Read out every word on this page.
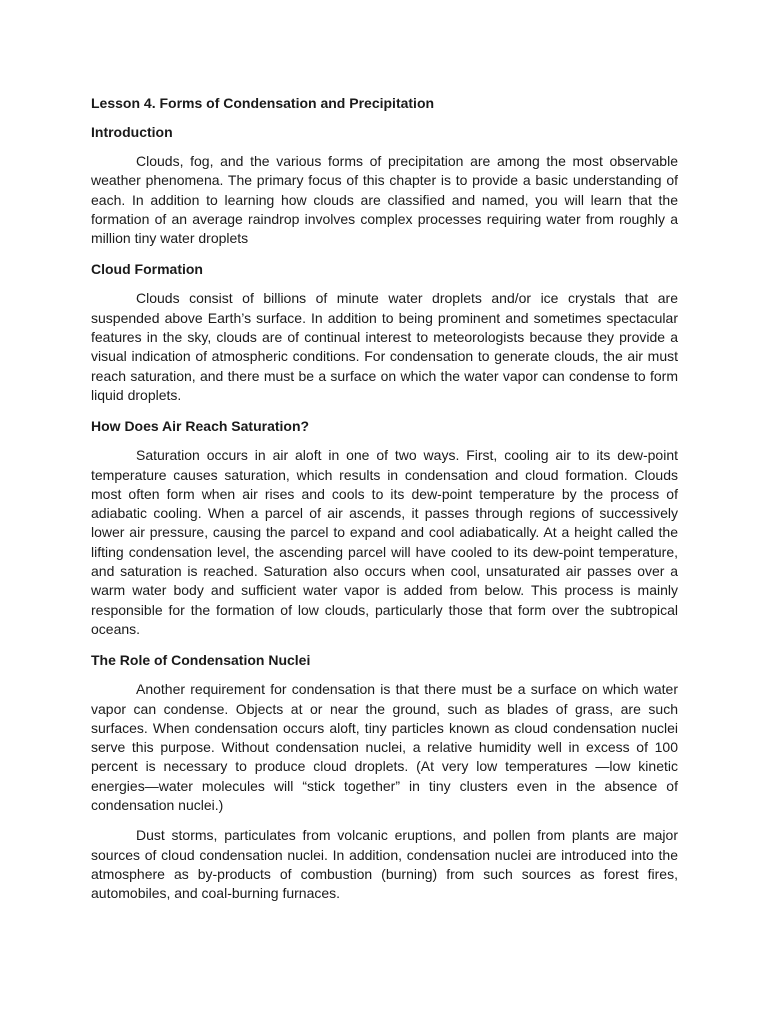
Lesson 4. Forms of Condensation and Precipitation
Introduction

Clouds, fog, and the various forms of precipitation are among the most observable weather phenomena. The primary focus of this chapter is to provide a basic understanding of each. In addition to learning how clouds are classified and named, you will learn that the formation of an average raindrop involves complex processes requiring water from roughly a million tiny water droplets

Cloud Formation

Clouds consist of billions of minute water droplets and/or ice crystals that are suspended above Earth’s surface. In addition to being prominent and sometimes spectacular features in the sky, clouds are of continual interest to meteorologists because they provide a visual indication of atmospheric conditions. For condensation to generate clouds, the air must reach saturation, and there must be a surface on which the water vapor can condense to form liquid droplets.

How Does Air Reach Saturation?

Saturation occurs in air aloft in one of two ways. First, cooling air to its dew-point temperature causes saturation, which results in condensation and cloud formation. Clouds most often form when air rises and cools to its dew-point temperature by the process of adiabatic cooling. When a parcel of air ascends, it passes through regions of successively lower air pressure, causing the parcel to expand and cool adiabatically. At a height called the lifting condensation level, the ascending parcel will have cooled to its dew-point temperature, and saturation is reached. Saturation also occurs when cool, unsaturated air passes over a warm water body and sufficient water vapor is added from below. This process is mainly responsible for the formation of low clouds, particularly those that form over the subtropical oceans.

The Role of Condensation Nuclei

Another requirement for condensation is that there must be a surface on which water vapor can condense. Objects at or near the ground, such as blades of grass, are such surfaces. When condensation occurs aloft, tiny particles known as cloud condensation nuclei serve this purpose. Without condensation nuclei, a relative humidity well in excess of 100 percent is necessary to produce cloud droplets. (At very low temperatures —low kinetic energies—water molecules will “stick together” in tiny clusters even in the absence of condensation nuclei.)

Dust storms, particulates from volcanic eruptions, and pollen from plants are major sources of cloud condensation nuclei. In addition, condensation nuclei are introduced into the atmosphere as by-products of combustion (burning) from such sources as forest fires, automobiles, and coal-burning furnaces.
